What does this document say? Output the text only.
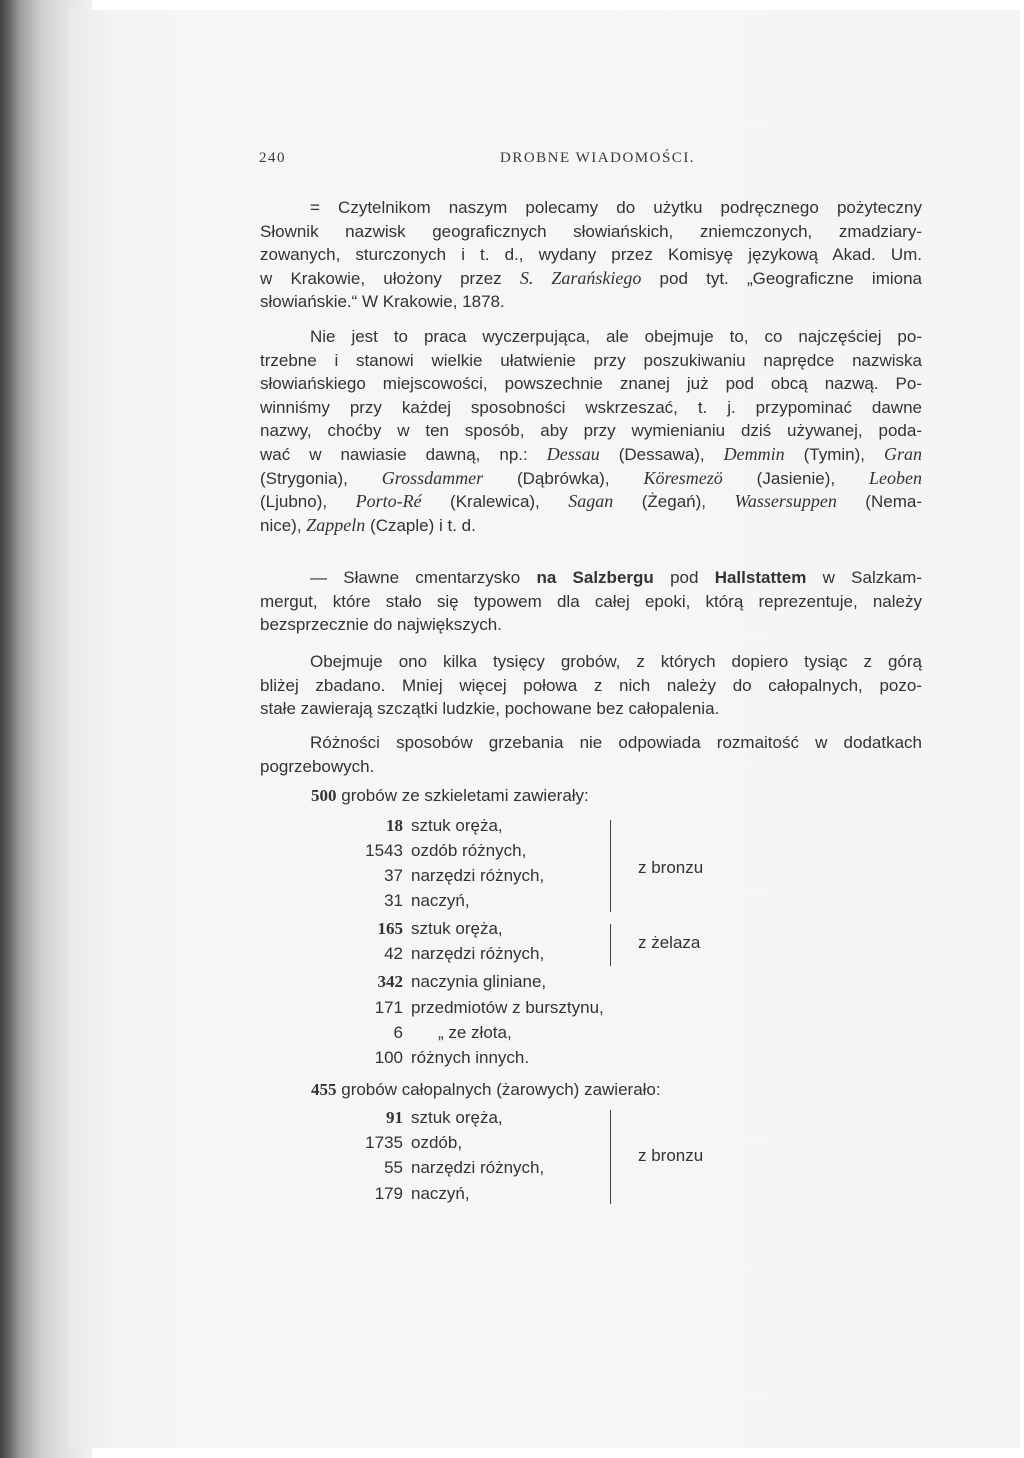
240	DROBNE WIADOMOŚCI.
= Czytelnikom naszym polecamy do użytku podręcznego pożyteczny
Słownik nazwisk geograficznych słowiańskich, zniemczonych, zmadziary-
zowanych, sturczonych i t. d., wydany przez Komisyę językową Akad. Um.
w Krakowie, ułożony przez S. Zarańskiego pod tyt. „Geograficzne imiona
słowiańskie.“ W Krakowie, 1878.
Nie jest to praca wyczerpująca, ale obejmuje to, co najczęściej po-
trzebne i stanowi wielkie ułatwienie przy poszukiwaniu naprędce nazwiska
słowiańskiego miejscowości, powszechnie znanej już pod obcą nazwą. Po-
winniśmy przy każdej sposobności wskrzeszać, t. j. przypominać dawne
nazwy, choćby w ten sposób, aby przy wymienianiu dziś używanej, poda-
wać w nawiasie dawną, np.: Dessau (Dessawa), Demmin (Tymin), Gran
(Strygonia), Grossdammer (Dąbrówka), Köresmezö (Jasienie), Leoben
(Ljubno), Porto-Ré (Kralewica), Sagan (Żegań), Wassersuppen (Nema-
nice), Zappeln (Czaple) i t. d.
— Sławne cmentarzysko na Salzbergu pod Hallstattem w Salzkam-
mergut, które stało się typowem dla całej epoki, którą reprezentuje, należy
bezsprzecznie do największych.
Obejmuje ono kilka tysięcy grobów, z których dopiero tysiąc z górą
bliżej zbadano. Mniej więcej połowa z nich należy do całopalnych, pozo-
stałe zawierają szczątki ludzkie, pochowane bez całopalenia.
Różności sposobów grzebania nie odpowiada rozmaitość w dodatkach
pogrzebowych.
500 grobów ze szkieletami zawierały:
18 sztuk oręża,
1543 ozdób różnych,
37 narzędzi różnych,
31 naczyń,
165 sztuk oręża,
42 narzędzi różnych,
342 naczynia gliniane,
171 przedmiotów z bursztynu,
6 „ ze złota,
100 różnych innych.
z bronzu
z żelaza
455 grobów całopalnych (żarowych) zawierało:
91 sztuk oręża,
1735 ozdób,
55 narzędzi różnych,
179 naczyń,
z bronzu
